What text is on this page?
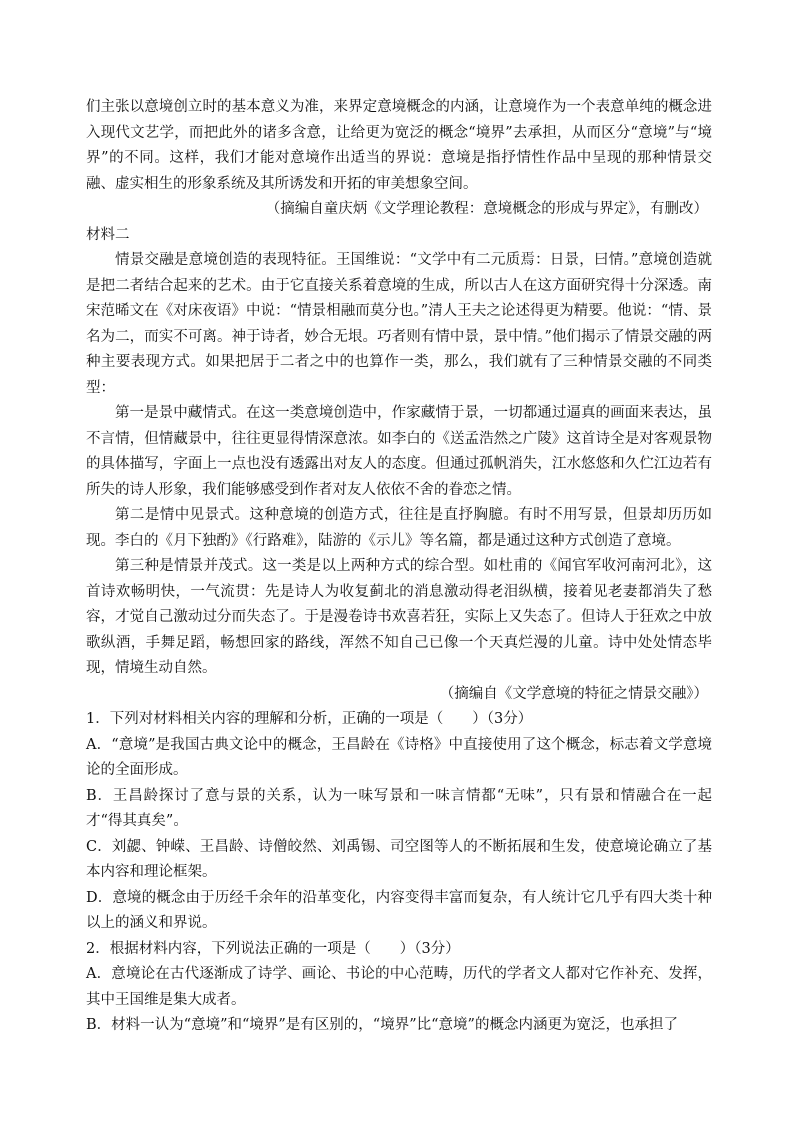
们主张以意境创立时的基本意义为准，来界定意境概念的内涵，让意境作为一个表意单纯的概念进入现代文艺学，而把此外的诸多含意，让给更为宽泛的概念“境界”去承担，从而区分“意境”与“境界”的不同。这样，我们才能对意境作出适当的界说：意境是指抒情性作品中呈现的那种情景交融、虚实相生的形象系统及其所诱发和开拓的审美想象空间。

（摘编自童庆炳《文学理论教程：意境概念的形成与界定》，有删改）

材料二

情景交融是意境创造的表现特征。王国维说：“文学中有二元质焉：日景，曰情。”意境创造就是把二者结合起来的艺术。由于它直接关系着意境的生成，所以古人在这方面研究得十分深透。南宋范晞文在《对床夜语》中说：“情景相融而莫分也。”清人王夫之论述得更为精要。他说：“情、景名为二，而实不可离。神于诗者，妙合无垠。巧者则有情中景，景中情。”他们揭示了情景交融的两种主要表现方式。如果把居于二者之中的也算作一类，那么，我们就有了三种情景交融的不同类型：

第一是景中藏情式。在这一类意境创造中，作家藏情于景，一切都通过逼真的画面来表达，虽不言情，但情藏景中，往往更显得情深意浓。如李白的《送孟浩然之广陵》这首诗全是对客观景物的具体描写，字面上一点也没有透露出对友人的态度。但通过孤帆消失，江水悠悠和久伫江边若有所失的诗人形象，我们能够感受到作者对友人依依不舍的眷恋之情。

第二是情中见景式。这种意境的创造方式，往往是直抒胸臆。有时不用写景，但景却历历如现。李白的《月下独酌》《行路难》，陆游的《示儿》等名篇，都是通过这种方式创造了意境。

第三种是情景并茂式。这一类是以上两种方式的综合型。如杜甫的《闻官军收河南河北》，这首诗欢畅明快，一气流贯：先是诗人为收复蓟北的消息激动得老泪纵横，接着见老妻都消失了愁容，才觉自己激动过分而失态了。于是漫卷诗书欢喜若狂，实际上又失态了。但诗人于狂欢之中放歌纵酒，手舞足蹈，畅想回家的路线，浑然不知自己已像一个天真烂漫的儿童。诗中处处情态毕现，情境生动自然。

（摘编自《文学意境的特征之情景交融》）

1．下列对材料相关内容的理解和分析，正确的一项是（　　）（3分）

A．“意境”是我国古典文论中的概念，王昌龄在《诗格》中直接使用了这个概念，标志着文学意境论的全面形成。

B．王昌龄探讨了意与景的关系，认为一味写景和一味言情都“无味”，只有景和情融合在一起才“得其真矣”。

C．刘勰、钟嵘、王昌龄、诗僧皎然、刘禹锡、司空图等人的不断拓展和生发，使意境论确立了基本内容和理论框架。

D．意境的概念由于历经千余年的沿革变化，内容变得丰富而复杂，有人统计它几乎有四大类十种以上的涵义和界说。

2．根据材料内容，下列说法正确的一项是（　　）（3分）

A．意境论在古代逐渐成了诗学、画论、书论的中心范畴，历代的学者文人都对它作补充、发挥，其中王国维是集大成者。

B．材料一认为“意境”和“境界”是有区别的，“境界”比“意境”的概念内涵更为宽泛，也承担了
